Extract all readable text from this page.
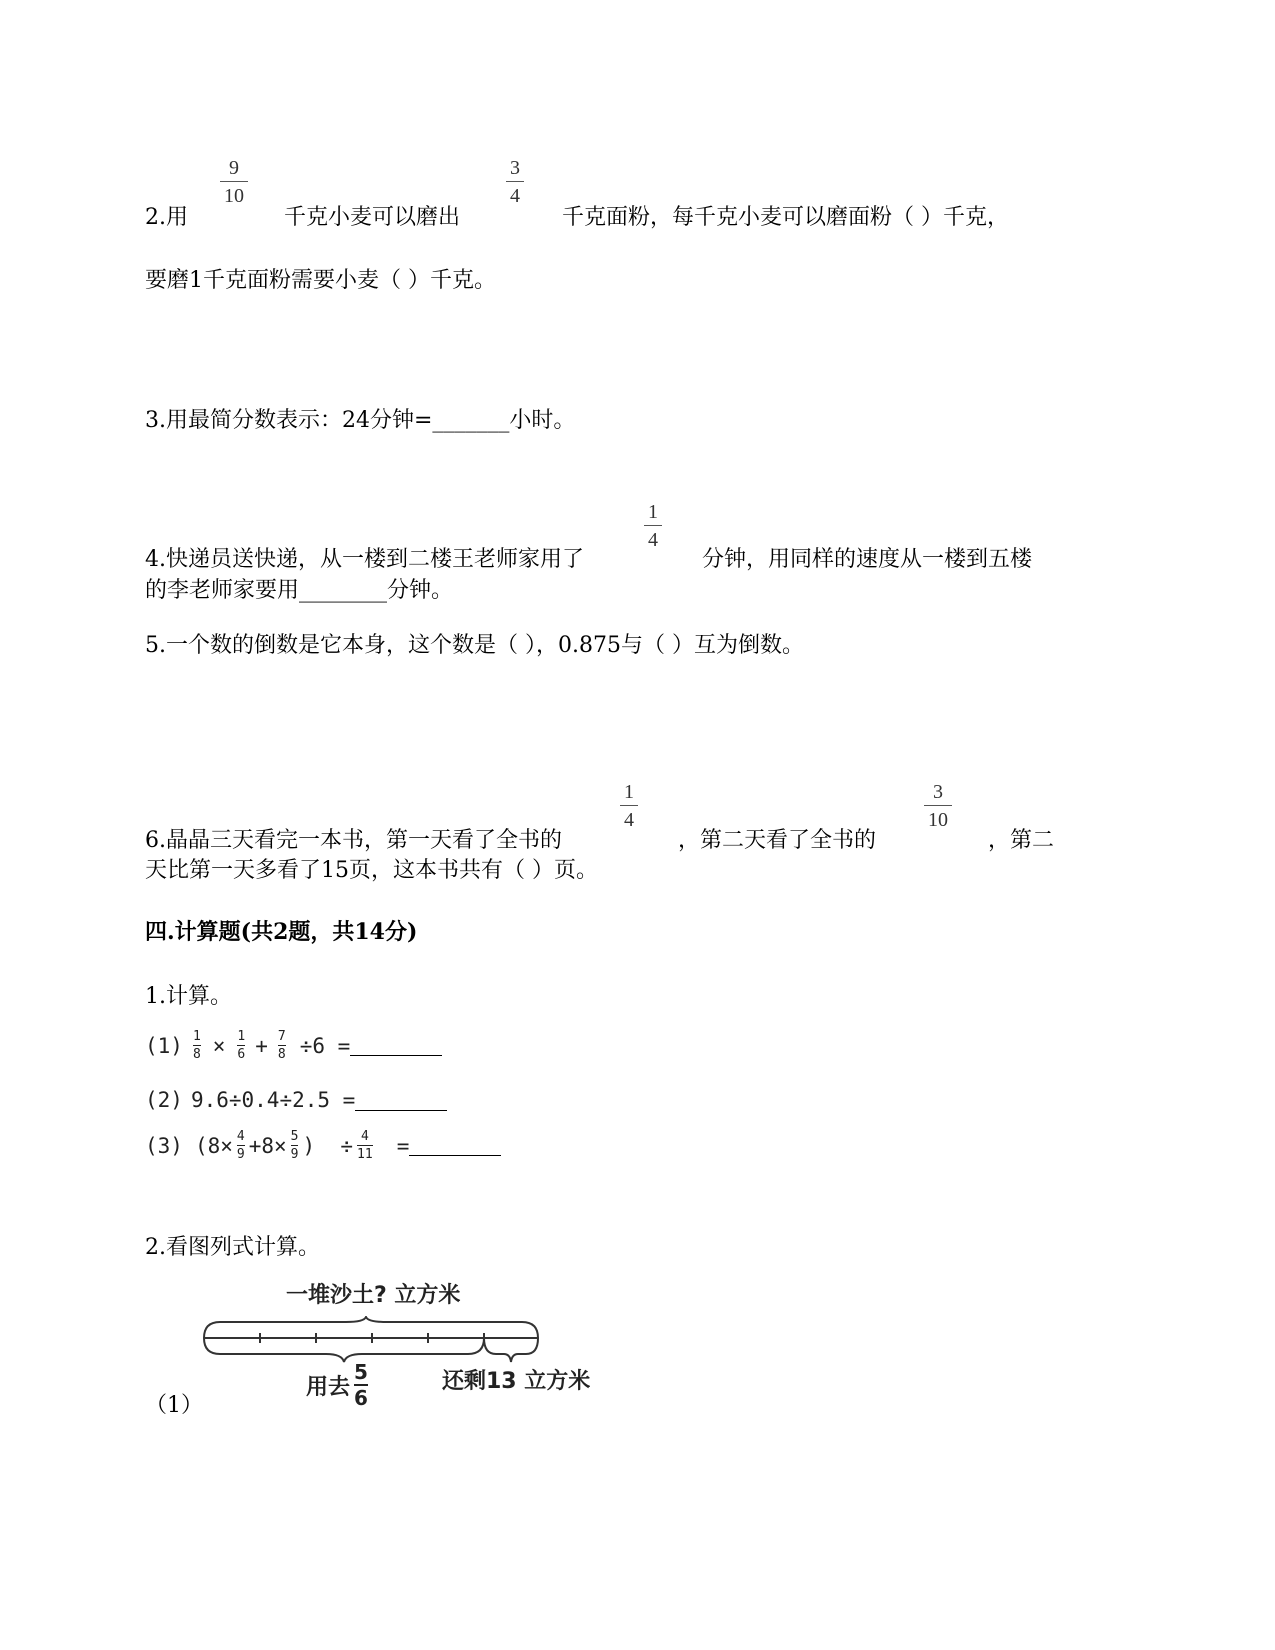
2.用
9
10
千克小麦可以磨出
3
4
千克面粉，每千克小麦可以磨面粉（ ）千克，
要磨1千克面粉需要小麦（ ）千克。
3.用最简分数表示：24分钟=_______小时。
4.快递员送快递，从一楼到二楼王老师家用了
1
4
分钟，用同样的速度从一楼到五楼
的李老师家要用________分钟。
5.一个数的倒数是它本身，这个数是（ ），0.875与（ ）互为倒数。
6.晶晶三天看完一本书，第一天看了全书的
1
4
，第二天看了全书的
3
10
，第二
天比第一天多看了15页，这本书共有（ ）页。
四.计算题(共2题，共14分)
1.计算。
(1) 1
8 × 1
6 + 7
8 ÷6 =
(2) 9.6÷0.4÷2.5 =
(3) (8× 4
9 +8× 5
9 )  ÷ 4
11 =
2.看图列式计算。
一堆沙土? 立方米
用去
5
6
还剩13 立方米
（1）
